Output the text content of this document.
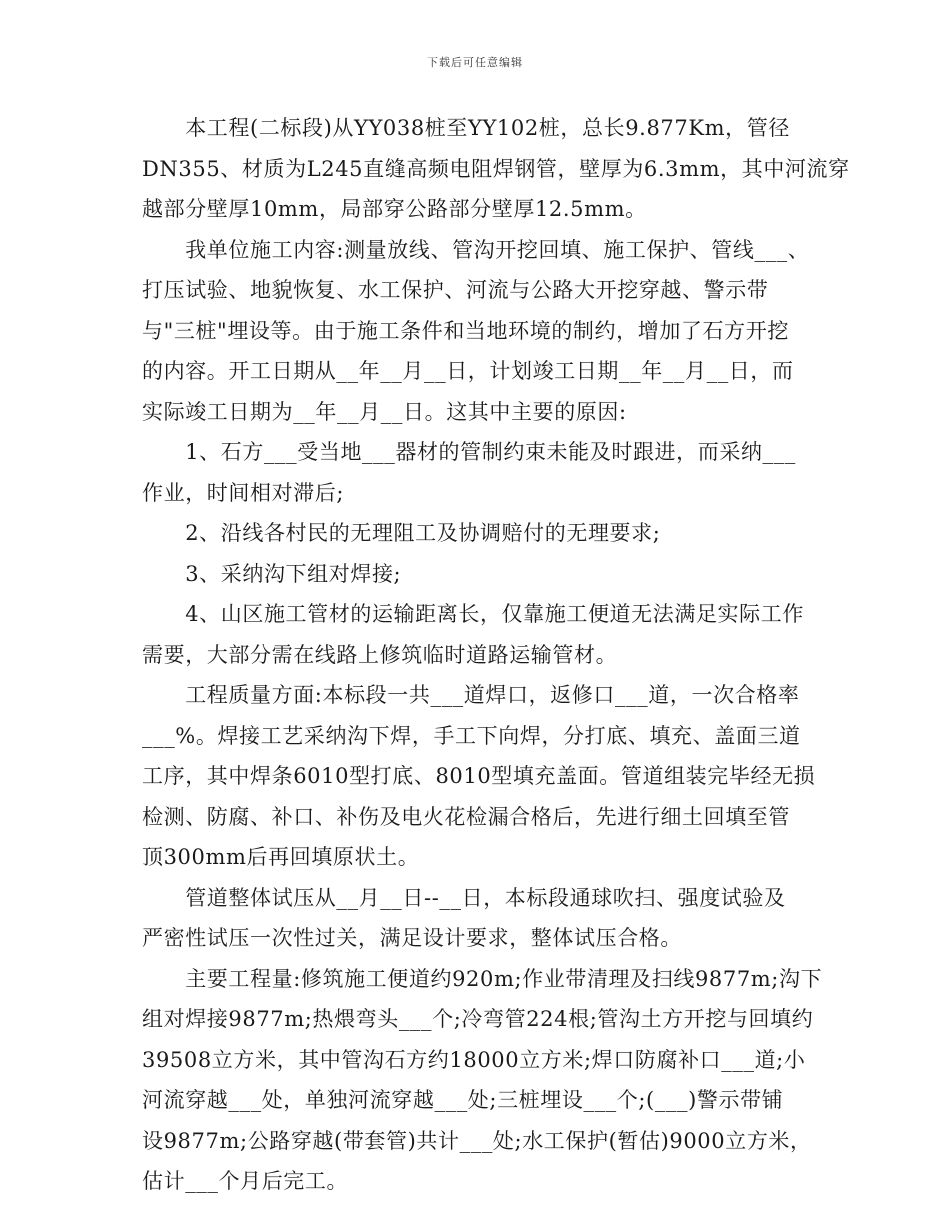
下载后可任意编辑
　　本工程(二标段)从YY038桩至YY102桩，总长9.877Km，管径
DN355、材质为L245直缝高频电阻焊钢管，壁厚为6.3mm，其中河流穿
越部分壁厚10mm，局部穿公路部分壁厚12.5mm。
　　我单位施工内容:测量放线、管沟开挖回填、施工保护、管线___、
打压试验、地貌恢复、水工保护、河流与公路大开挖穿越、警示带
与"三桩"埋设等。由于施工条件和当地环境的制约，增加了石方开挖
的内容。开工日期从__年__月__日，计划竣工日期__年__月__日，而
实际竣工日期为__年__月__日。这其中主要的原因:
　　1、石方___受当地___器材的管制约束未能及时跟进，而采纳___
作业，时间相对滞后;
　　2、沿线各村民的无理阻工及协调赔付的无理要求;
　　3、采纳沟下组对焊接;
　　4、山区施工管材的运输距离长，仅靠施工便道无法满足实际工作
需要，大部分需在线路上修筑临时道路运输管材。
　　工程质量方面:本标段一共___道焊口，返修口___道，一次合格率
___%。焊接工艺采纳沟下焊，手工下向焊，分打底、填充、盖面三道
工序，其中焊条6010型打底、8010型填充盖面。管道组装完毕经无损
检测、防腐、补口、补伤及电火花检漏合格后，先进行细土回填至管
顶300mm后再回填原状土。
　　管道整体试压从__月__日--__日，本标段通球吹扫、强度试验及
严密性试压一次性过关，满足设计要求，整体试压合格。
　　主要工程量:修筑施工便道约920m;作业带清理及扫线9877m;沟下
组对焊接9877m;热煨弯头___个;冷弯管224根;管沟土方开挖与回填约
39508立方米，其中管沟石方约18000立方米;焊口防腐补口___道;小
河流穿越___处，单独河流穿越___处;三桩埋设___个;(___)警示带铺
设9877m;公路穿越(带套管)共计___处;水工保护(暂估)9000立方米，
估计___个月后完工。
